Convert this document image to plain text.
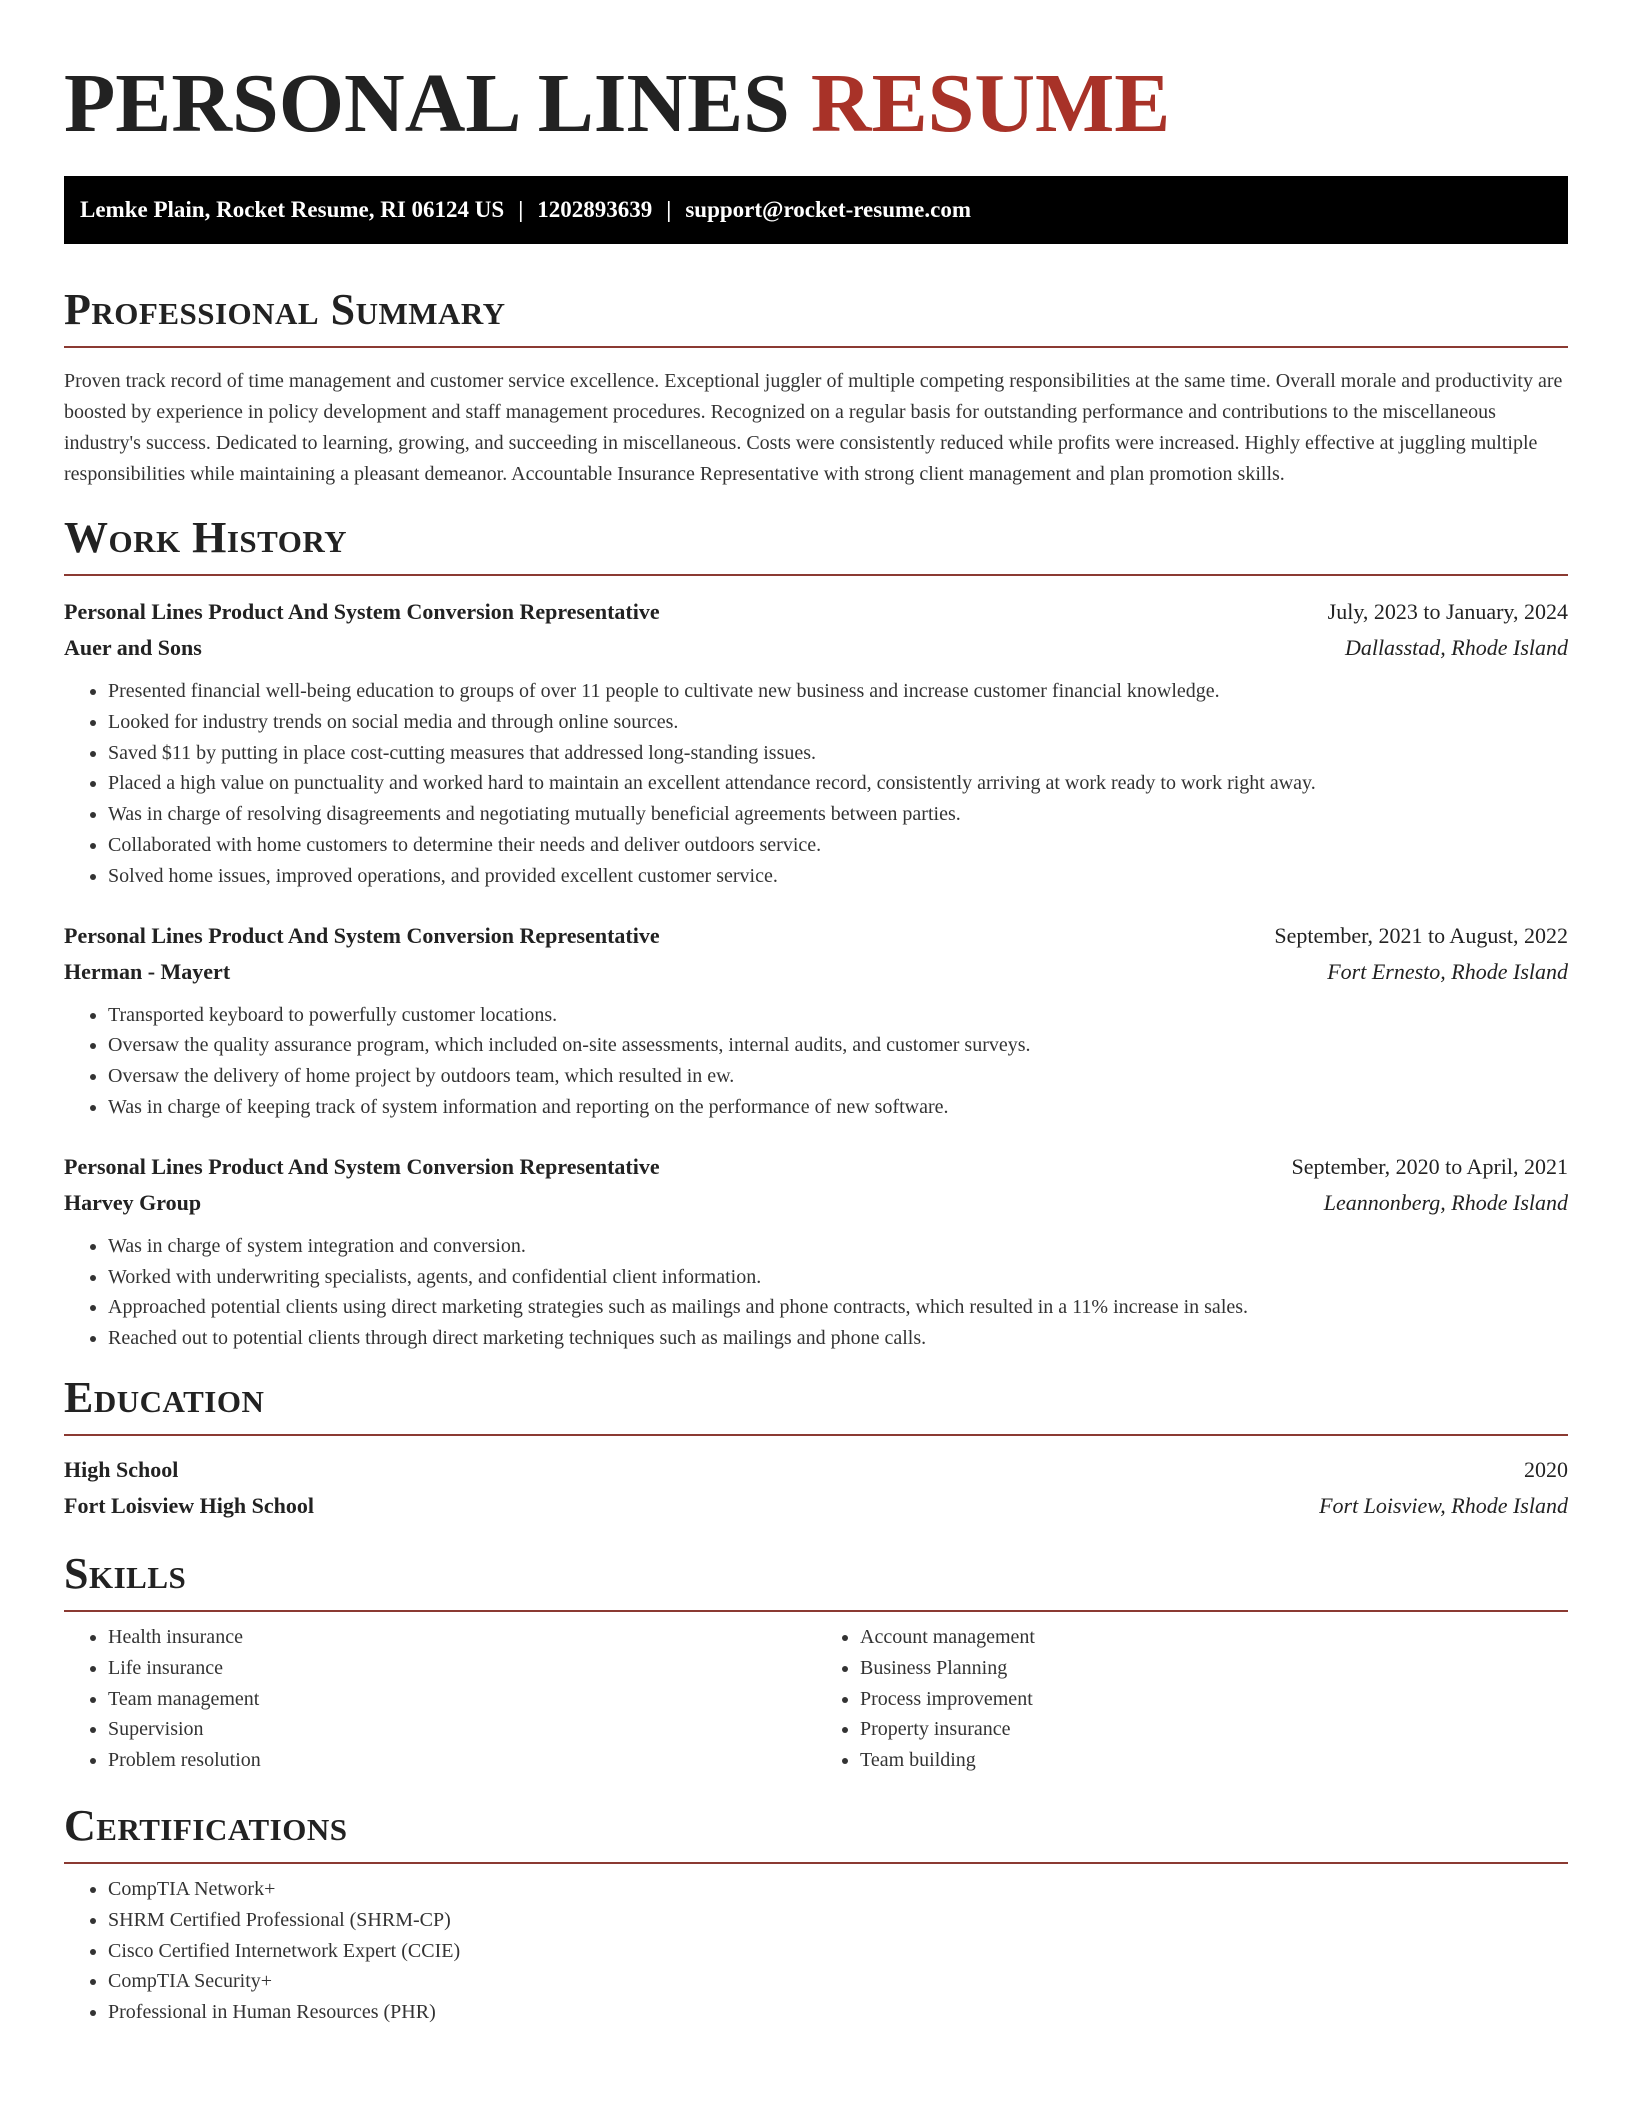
PERSONAL LINES RESUME
Lemke Plain, Rocket Resume, RI 06124 US | 1202893639 | support@rocket-resume.com
Professional Summary

Proven track record of time management and customer service excellence. Exceptional juggler of multiple competing responsibilities at the same time. Overall morale and productivity are boosted by experience in policy development and staff management procedures. Recognized on a regular basis for outstanding performance and contributions to the miscellaneous industry's success. Dedicated to learning, growing, and succeeding in miscellaneous. Costs were consistently reduced while profits were increased. Highly effective at juggling multiple responsibilities while maintaining a pleasant demeanor. Accountable Insurance Representative with strong client management and plan promotion skills.

Work History
Personal Lines Product And System Conversion Representative	July, 2023 to January, 2024
Auer and Sons	Dallasstad, Rhode Island
• Presented financial well-being education to groups of over 11 people to cultivate new business and increase customer financial knowledge.
• Looked for industry trends on social media and through online sources.
• Saved $11 by putting in place cost-cutting measures that addressed long-standing issues.
• Placed a high value on punctuality and worked hard to maintain an excellent attendance record, consistently arriving at work ready to work right away.
• Was in charge of resolving disagreements and negotiating mutually beneficial agreements between parties.
• Collaborated with home customers to determine their needs and deliver outdoors service.
• Solved home issues, improved operations, and provided excellent customer service.
Personal Lines Product And System Conversion Representative	September, 2021 to August, 2022
Herman - Mayert	Fort Ernesto, Rhode Island
• Transported keyboard to powerfully customer locations.
• Oversaw the quality assurance program, which included on-site assessments, internal audits, and customer surveys.
• Oversaw the delivery of home project by outdoors team, which resulted in ew.
• Was in charge of keeping track of system information and reporting on the performance of new software.
Personal Lines Product And System Conversion Representative	September, 2020 to April, 2021
Harvey Group	Leannonberg, Rhode Island
• Was in charge of system integration and conversion.
• Worked with underwriting specialists, agents, and confidential client information.
• Approached potential clients using direct marketing strategies such as mailings and phone contracts, which resulted in a 11% increase in sales.
• Reached out to potential clients through direct marketing techniques such as mailings and phone calls.
Education
High School	2020
Fort Loisview High School	Fort Loisview, Rhode Island
Skills
• Health insurance
• Life insurance
• Team management
• Supervision
• Problem resolution
• Account management
• Business Planning
• Process improvement
• Property insurance
• Team building
Certifications
• CompTIA Network+
• SHRM Certified Professional (SHRM-CP)
• Cisco Certified Internetwork Expert (CCIE)
• CompTIA Security+
• Professional in Human Resources (PHR)
